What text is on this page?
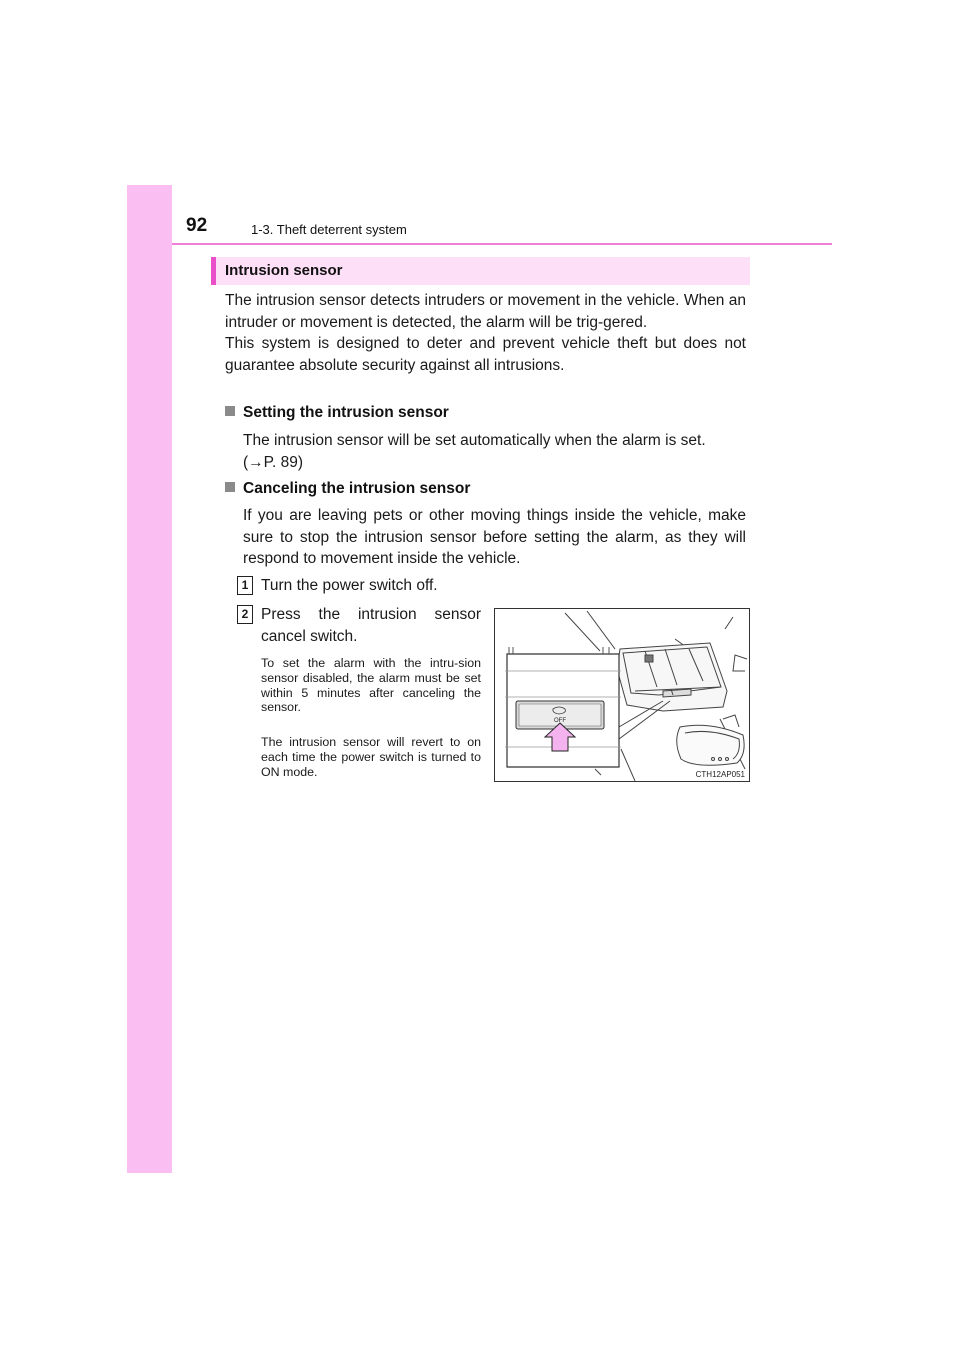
92	1-3. Theft deterrent system
Intrusion sensor

The intrusion sensor detects intruders or movement in the vehicle. When an intruder or movement is detected, the alarm will be trig-gered.

This system is designed to deter and prevent vehicle theft but does not guarantee absolute security against all intrusions.

Setting the intrusion sensor
The intrusion sensor will be set automatically when the alarm is set.
(→P. 89)
Canceling the intrusion sensor
If you are leaving pets or other moving things inside the vehicle, make sure to stop the intrusion sensor before setting the alarm, as they will respond to movement inside the vehicle.
1 Turn the power switch off.
2 Press the intrusion sensor cancel switch.
To set the alarm with the intru-sion sensor disabled, the alarm must be set within 5 minutes after canceling the sensor.
The intrusion sensor will revert to on each time the power switch is turned to ON mode.
OFF
CTH12AP051
